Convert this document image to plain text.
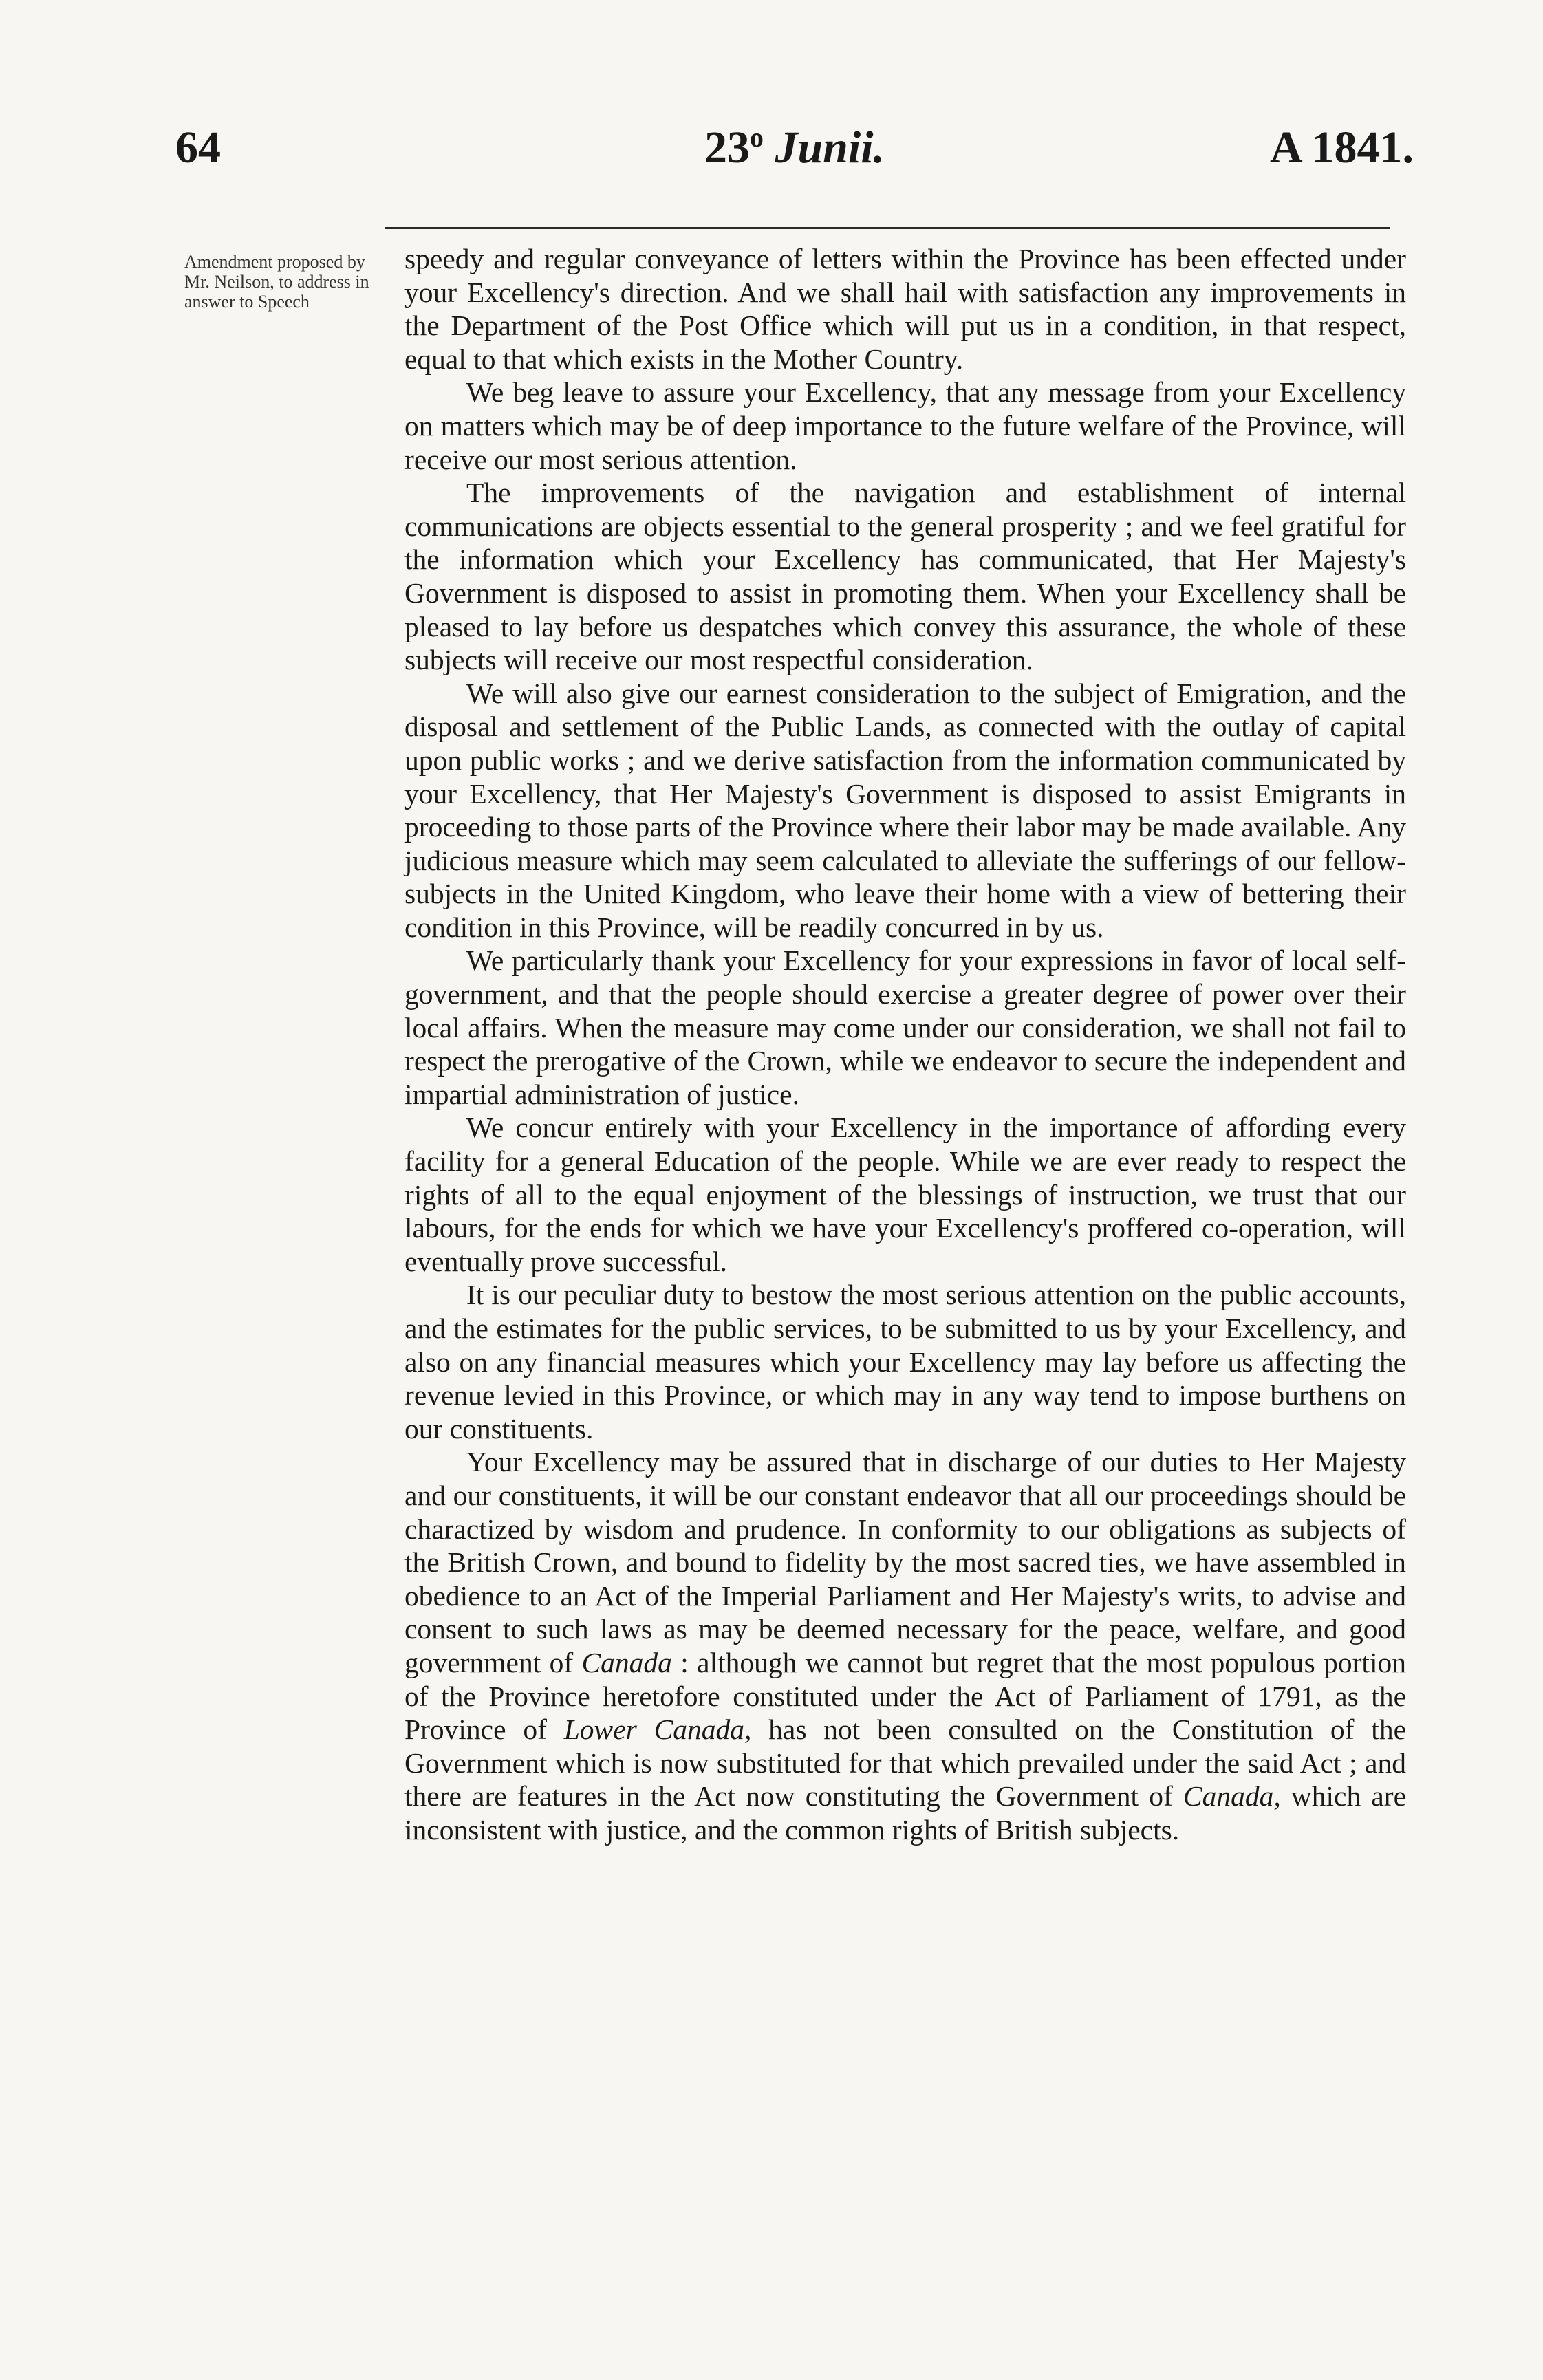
64	23$^o$ Junii.	A 1841.
Amendment proposed by Mr. Neilson, to address in answer to Speech

speedy and regular conveyance of letters within the Province has been effected under your Excellency's direction. And we shall hail with satisfaction any improvements in the Department of the Post Office which will put us in a condition, in that respect, equal to that which exists in the Mother Country.

We beg leave to assure your Excellency, that any message from your Excellency on matters which may be of deep importance to the future welfare of the Province, will receive our most serious attention.

The improvements of the navigation and establishment of internal communications are objects essential to the general prosperity ; and we feel gratiful for the information which your Excellency has communicated, that Her Majesty's Government is disposed to assist in promoting them. When your Excellency shall be pleased to lay before us despatches which convey this assurance, the whole of these subjects will receive our most respectful consideration.

We will also give our earnest consideration to the subject of Emigration, and the disposal and settlement of the Public Lands, as connected with the outlay of capital upon public works ; and we derive satisfaction from the information communicated by your Excellency, that Her Majesty's Government is disposed to assist Emigrants in proceeding to those parts of the Province where their labor may be made available. Any judicious measure which may seem calculated to alleviate the sufferings of our fellow-subjects in the United Kingdom, who leave their home with a view of bettering their condition in this Province, will be readily concurred in by us.

We particularly thank your Excellency for your expressions in favor of local self-government, and that the people should exercise a greater degree of power over their local affairs. When the measure may come under our consideration, we shall not fail to respect the prerogative of the Crown, while we endeavor to secure the independent and impartial administration of justice.

We concur entirely with your Excellency in the importance of affording every facility for a general Education of the people. While we are ever ready to respect the rights of all to the equal enjoyment of the blessings of instruction, we trust that our labours, for the ends for which we have your Excellency's proffered co-operation, will eventually prove successful.

It is our peculiar duty to bestow the most serious attention on the public accounts, and the estimates for the public services, to be submitted to us by your Excellency, and also on any financial measures which your Excellency may lay before us affecting the revenue levied in this Province, or which may in any way tend to impose burthens on our constituents.

Your Excellency may be assured that in discharge of our duties to Her Majesty and our constituents, it will be our constant endeavor that all our proceedings should be charactized by wisdom and prudence. In conformity to our obligations as subjects of the British Crown, and bound to fidelity by the most sacred ties, we have assembled in obedience to an Act of the Imperial Parliament and Her Majesty's writs, to advise and consent to such laws as may be deemed necessary for the peace, welfare, and good government of Canada : although we cannot but regret that the most populous portion of the Province heretofore constituted under the Act of Parliament of 1791, as the Province of Lower Canada, has not been consulted on the Constitution of the Government which is now substituted for that which prevailed under the said Act ; and there are features in the Act now constituting the Government of Canada, which are inconsistent with justice, and the common rights of British subjects.
